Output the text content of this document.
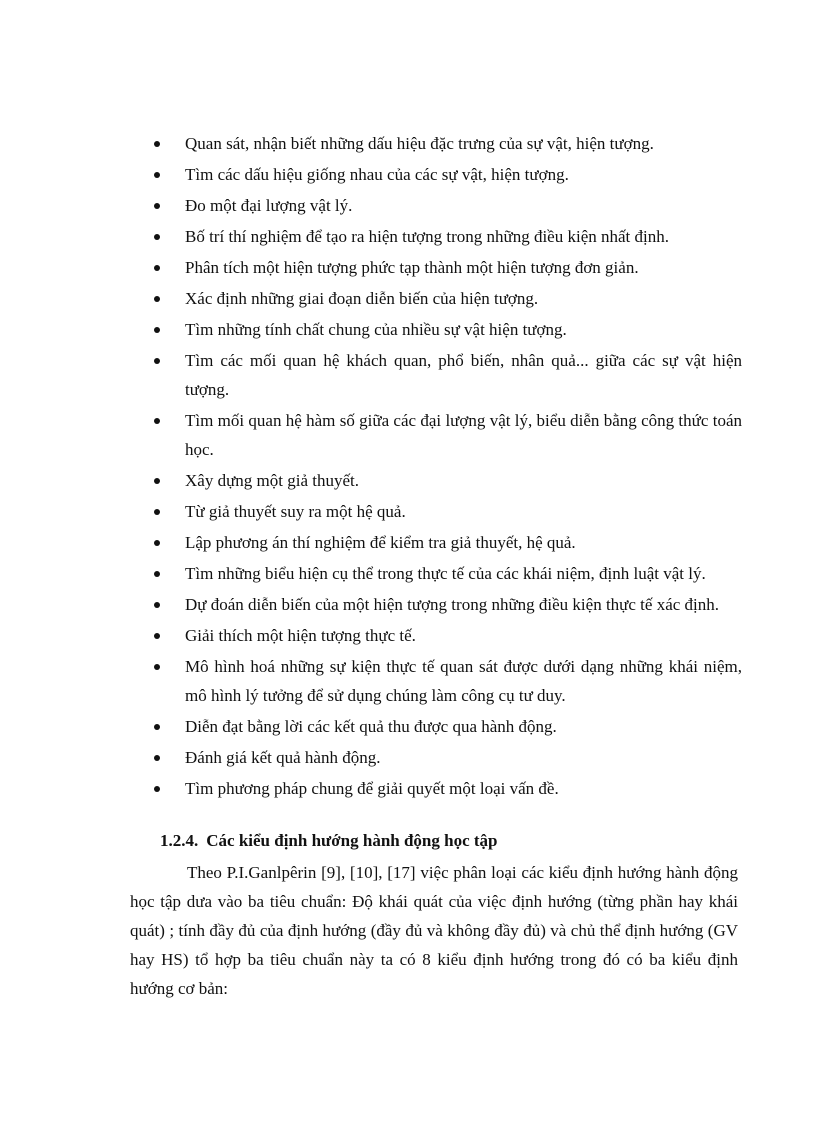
Quan sát, nhận biết những dấu hiệu đặc trưng của sự vật, hiện tượng.
Tìm các dấu hiệu giống nhau của các sự vật, hiện tượng.
Đo một đại lượng vật lý.
Bố trí thí nghiệm để tạo ra hiện tượng trong những điều kiện nhất định.
Phân tích một hiện tượng phức tạp thành một hiện tượng đơn giản.
Xác định những giai đoạn diễn biến của hiện tượng.
Tìm những tính chất chung của nhiều sự vật hiện tượng.
Tìm các mối quan hệ khách quan, phổ biến, nhân quả... giữa các sự vật hiện tượng.
Tìm mối quan hệ hàm số giữa các đại lượng vật lý, biểu diễn bằng công thức toán học.
Xây dựng một giả thuyết.
Từ giả thuyết suy ra một hệ quả.
Lập phương án thí nghiệm để kiểm tra giả thuyết, hệ quả.
Tìm những biểu hiện cụ thể trong thực tế của các khái niệm, định luật vật lý.
Dự đoán diễn biến của một hiện tượng trong những điều kiện thực tế xác định.
Giải thích một hiện tượng thực tế.
Mô hình hoá những sự kiện thực tế quan sát được dưới dạng những khái niệm, mô hình lý tưởng để sử dụng chúng làm công cụ tư duy.
Diễn đạt bằng lời các kết quả thu được qua hành động.
Đánh giá kết quả hành động.
Tìm phương pháp chung để giải quyết một loại vấn đề.
1.2.4. Các kiểu định hướng hành động học tập

Theo P.I.Ganlpêrin [9], [10], [17] việc phân loại các kiểu định hướng hành động học tập dưa vào ba tiêu chuẩn: Độ khái quát của việc định hướng (từng phần hay khái quát) ; tính đầy đủ của định hướng (đầy đủ và không đầy đủ) và chủ thể định hướng (GV hay HS) tổ hợp ba tiêu chuẩn này ta có 8 kiểu định hướng trong đó có ba kiểu định hướng cơ bản:
